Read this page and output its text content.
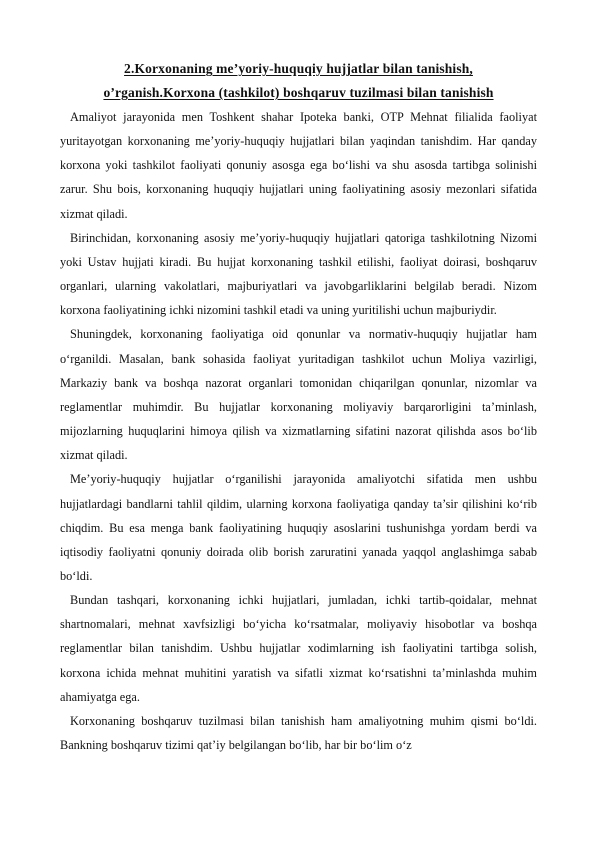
2.Korxonaning me’yoriy-huquqiy hujjatlar bilan tanishish,
o’rganish.Korxona (tashkilot) boshqaruv tuzilmasi bilan tanishish

Amaliyot jarayonida men Toshkent shahar Ipoteka banki, OTP Mehnat filialida faoliyat yuritayotgan korxonaning me’yoriy-huquqiy hujjatlari bilan yaqindan tanishdim. Har qanday korxona yoki tashkilot faoliyati qonuniy asosga ega bo‘lishi va shu asosda tartibga solinishi zarur. Shu bois, korxonaning huquqiy hujjatlari uning faoliyatining asosiy mezonlari sifatida xizmat qiladi.

Birinchidan, korxonaning asosiy me’yoriy-huquqiy hujjatlari qatoriga tashkilotning Nizomi yoki Ustav hujjati kiradi. Bu hujjat korxonaning tashkil etilishi, faoliyat doirasi, boshqaruv organlari, ularning vakolatlari, majburiyatlari va javobgarliklarini belgilab beradi. Nizom korxona faoliyatining ichki nizomini tashkil etadi va uning yuritilishi uchun majburiydir.

Shuningdek, korxonaning faoliyatiga oid qonunlar va normativ-huquqiy hujjatlar ham o‘rganildi. Masalan, bank sohasida faoliyat yuritadigan tashkilot uchun Moliya vazirligi, Markaziy bank va boshqa nazorat organlari tomonidan chiqarilgan qonunlar, nizomlar va reglamentlar muhimdir. Bu hujjatlar korxonaning moliyaviy barqarorligini ta’minlash, mijozlarning huquqlarini himoya qilish va xizmatlarning sifatini nazorat qilishda asos bo‘lib xizmat qiladi.

Me’yoriy-huquqiy hujjatlar o‘rganilishi jarayonida amaliyotchi sifatida men ushbu hujjatlardagi bandlarni tahlil qildim, ularning korxona faoliyatiga qanday ta’sir qilishini ko‘rib chiqdim. Bu esa menga bank faoliyatining huquqiy asoslarini tushunishga yordam berdi va iqtisodiy faoliyatni qonuniy doirada olib borish zaruratini yanada yaqqol anglashimga sabab bo‘ldi.

Bundan tashqari, korxonaning ichki hujjatlari, jumladan, ichki tartib-qoidalar, mehnat shartnomalari, mehnat xavfsizligi bo‘yicha ko‘rsatmalar, moliyaviy hisobotlar va boshqa reglamentlar bilan tanishdim. Ushbu hujjatlar xodimlarning ish faoliyatini tartibga solish, korxona ichida mehnat muhitini yaratish va sifatli xizmat ko‘rsatishni ta’minlashda muhim ahamiyatga ega.

Korxonaning boshqaruv tuzilmasi bilan tanishish ham amaliyotning muhim qismi bo‘ldi. Bankning boshqaruv tizimi qat’iy belgilangan bo‘lib, har bir bo‘lim o‘z
